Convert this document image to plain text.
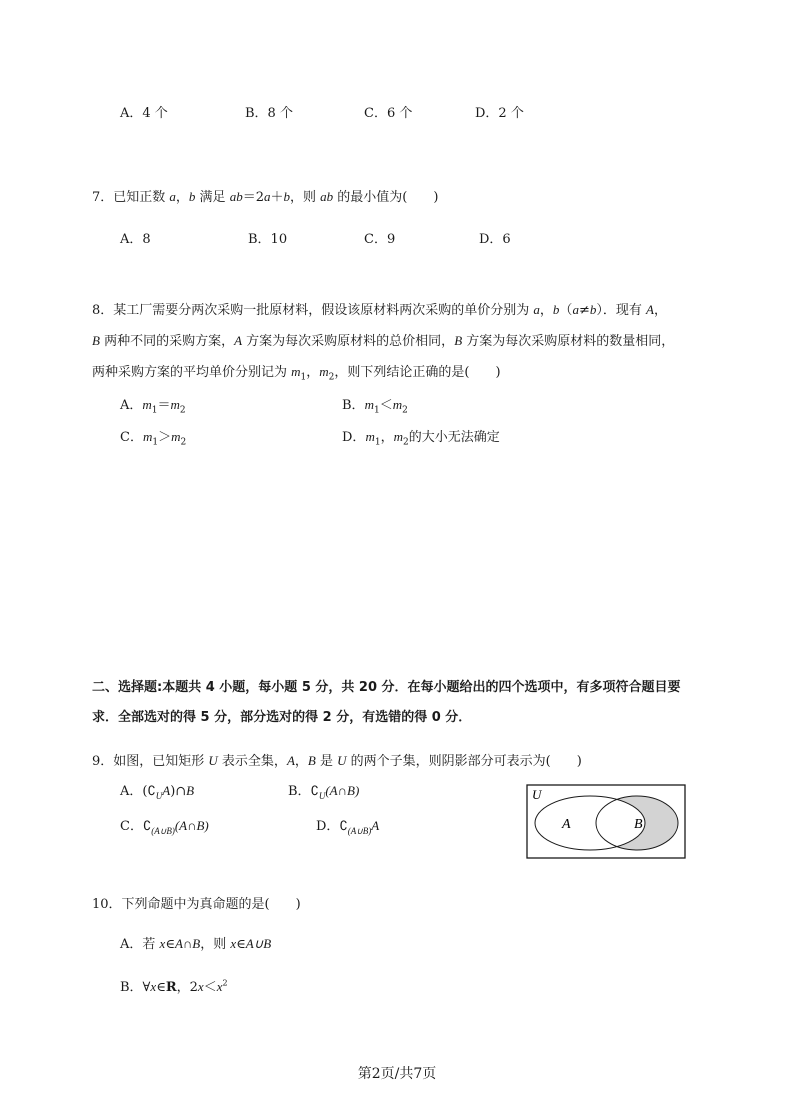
A．4 个	B．8 个	C．6 个	D．2 个
7．已知正数 a，b 满足 ab＝2a＋b，则 ab 的最小值为(　　)
A．8	B．10	C．9	D．6
8．某工厂需要分两次采购一批原材料，假设该原材料两次采购的单价分别为 a，b（a≠b）．现有 A，
B 两种不同的采购方案，A 方案为每次采购原材料的总价相同，B 方案为每次采购原材料的数量相同，
两种采购方案的平均单价分别记为 $m_1$，$m_2$，则下列结论正确的是(　　)
A．$m_1=m_2$	B．$m_1<m_2$
C．$m_1>m_2$	D．$m_1$，$m_2$的大小无法确定
二、选择题:本题共 4 小题，每小题 5 分，共 20 分．在每小题给出的四个选项中，有多项符合题目要
求．全部选对的得 5 分，部分选对的得 2 分，有选错的得 0 分．
9．如图，已知矩形 U 表示全集，A，B 是 U 的两个子集，则阴影部分可表示为(　　)
A．$(∁_UA)\cap B$	B．$∁_U(A\cap B)$
C．$∁_{(A\cup B)}(A\cap B)$	D．$∁_{(A\cup B)}A$
U
A	B
10．下列命题中为真命题的是(　　)
A．若 x∈A∩B，则 x∈A∪B
B．∀x∈R，$2x<x^2$
第2页/共7页
